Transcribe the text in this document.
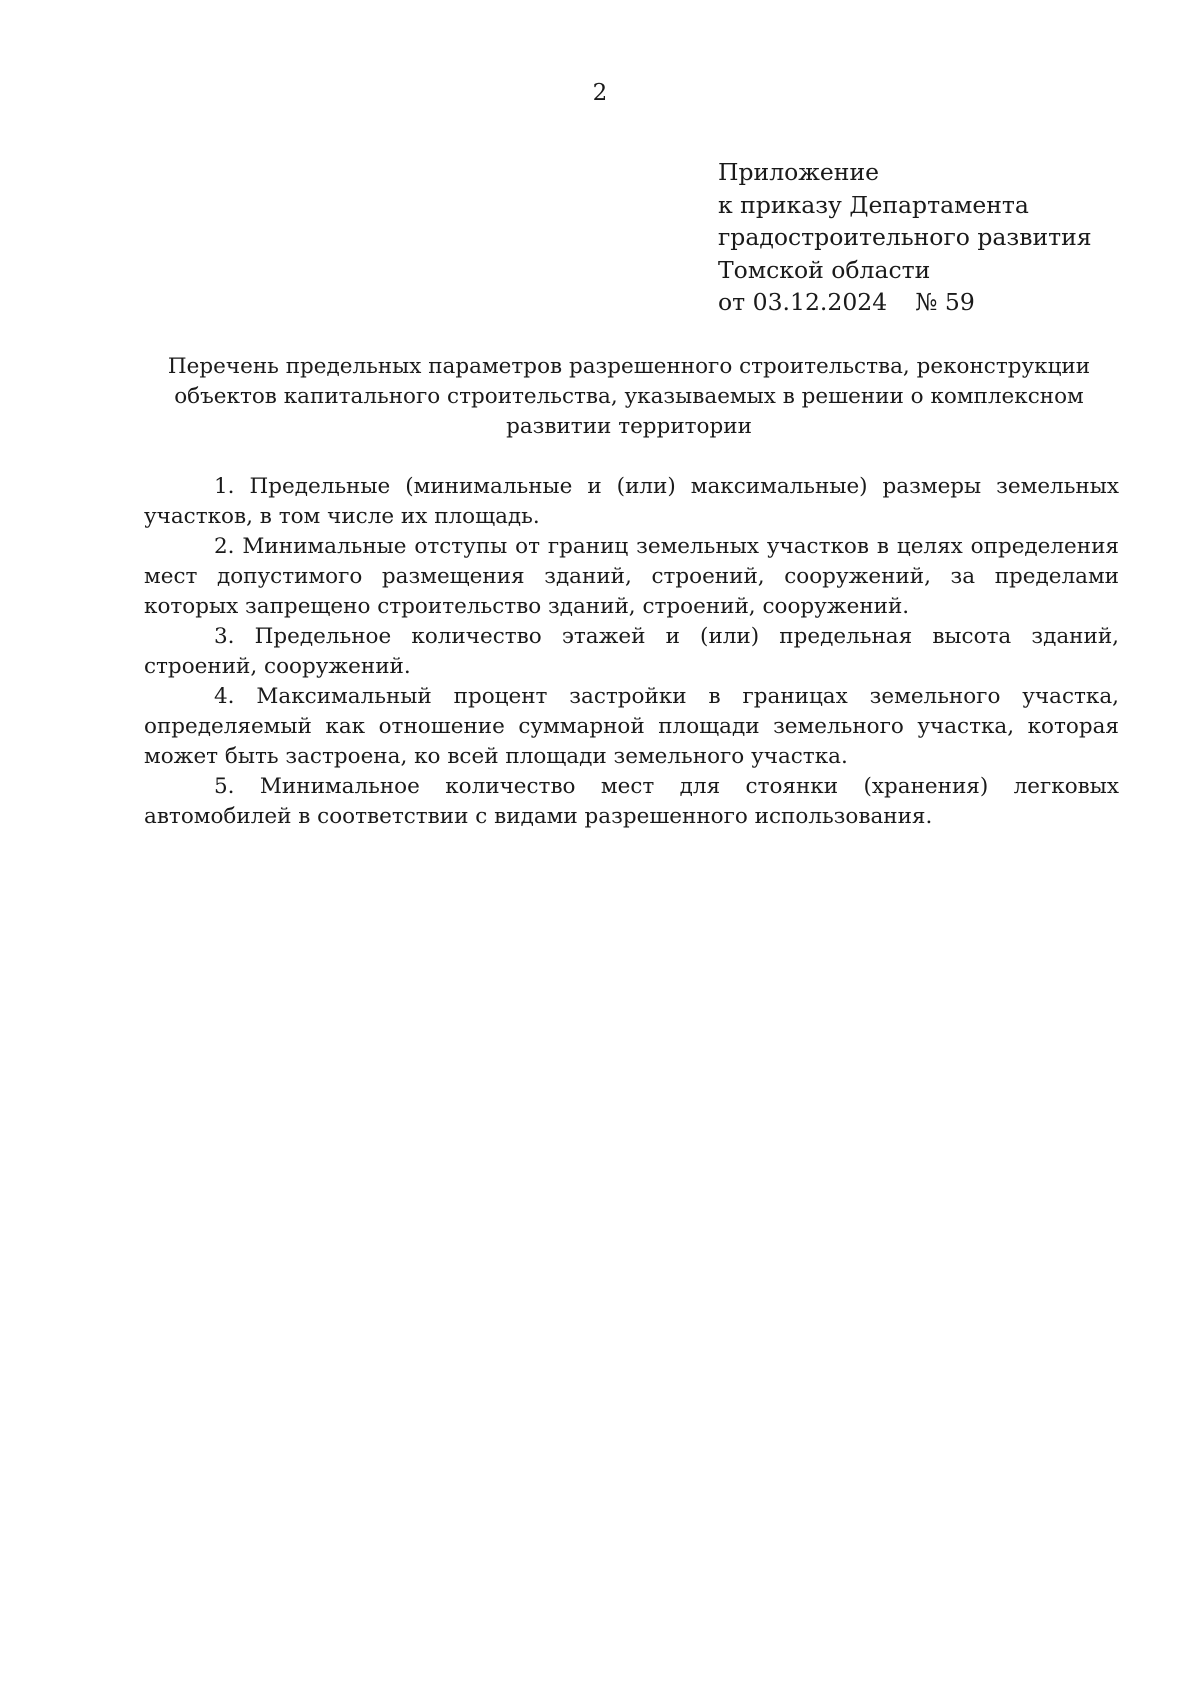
2

Приложение
к приказу Департамента
градостроительного развития
Томской области
от 03.12.2024 № 59
Перечень предельных параметров разрешенного строительства, реконструкции
объектов капитального строительства, указываемых в решении о комплексном
развитии территории
1. Предельные (минимальные и (или) максимальные) размеры земельных участков, в том числе их площадь.
2. Минимальные отступы от границ земельных участков в целях определения мест допустимого размещения зданий, строений, сооружений, за пределами которых запрещено строительство зданий, строений, сооружений.
3. Предельное количество этажей и (или) предельная высота зданий, строений, сооружений.
4. Максимальный процент застройки в границах земельного участка, определяемый как отношение суммарной площади земельного участка, которая может быть застроена, ко всей площади земельного участка.
5. Минимальное количество мест для стоянки (хранения) легковых автомобилей в соответствии с видами разрешенного использования.
